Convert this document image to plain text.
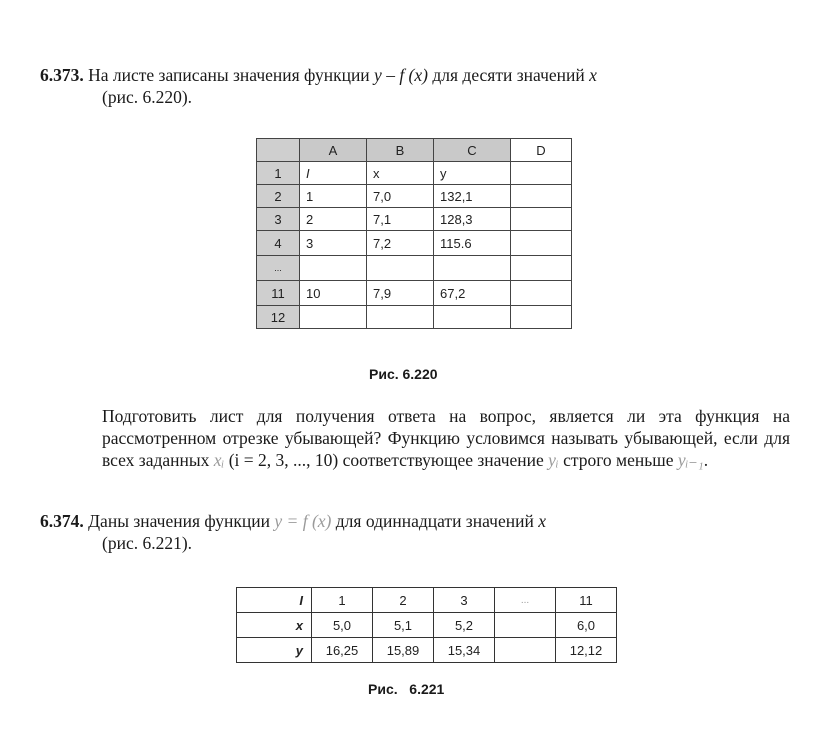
6.373. На листе записаны значения функции y – f (x) для десяти значений x
(рис. 6.220).

	A	B	C	D
1	I	x	y	
2	1	7,0	132,1	
3	2	7,1	128,3	
4	3	7,2	115.6	
...				
11	10	7,9	67,2	
12				
Рис. 6.220

Подготовить лист для получения ответа на вопрос, является ли эта функция на рассмотренном отрезке убывающей? Функцию условимся называть убывающей, если для всех заданных xᵢ (i = 2, 3, ..., 10) соответствующее значение yᵢ строго меньше yᵢ₋₁.

6.374. Даны значения функции y = f (x) для одиннадцати значений x
(рис. 6.221).

I	1	2	3	...	11
x	5,0	5,1	5,2		6,0
y	16,25	15,89	15,34		12,12
Рис.   6.221
